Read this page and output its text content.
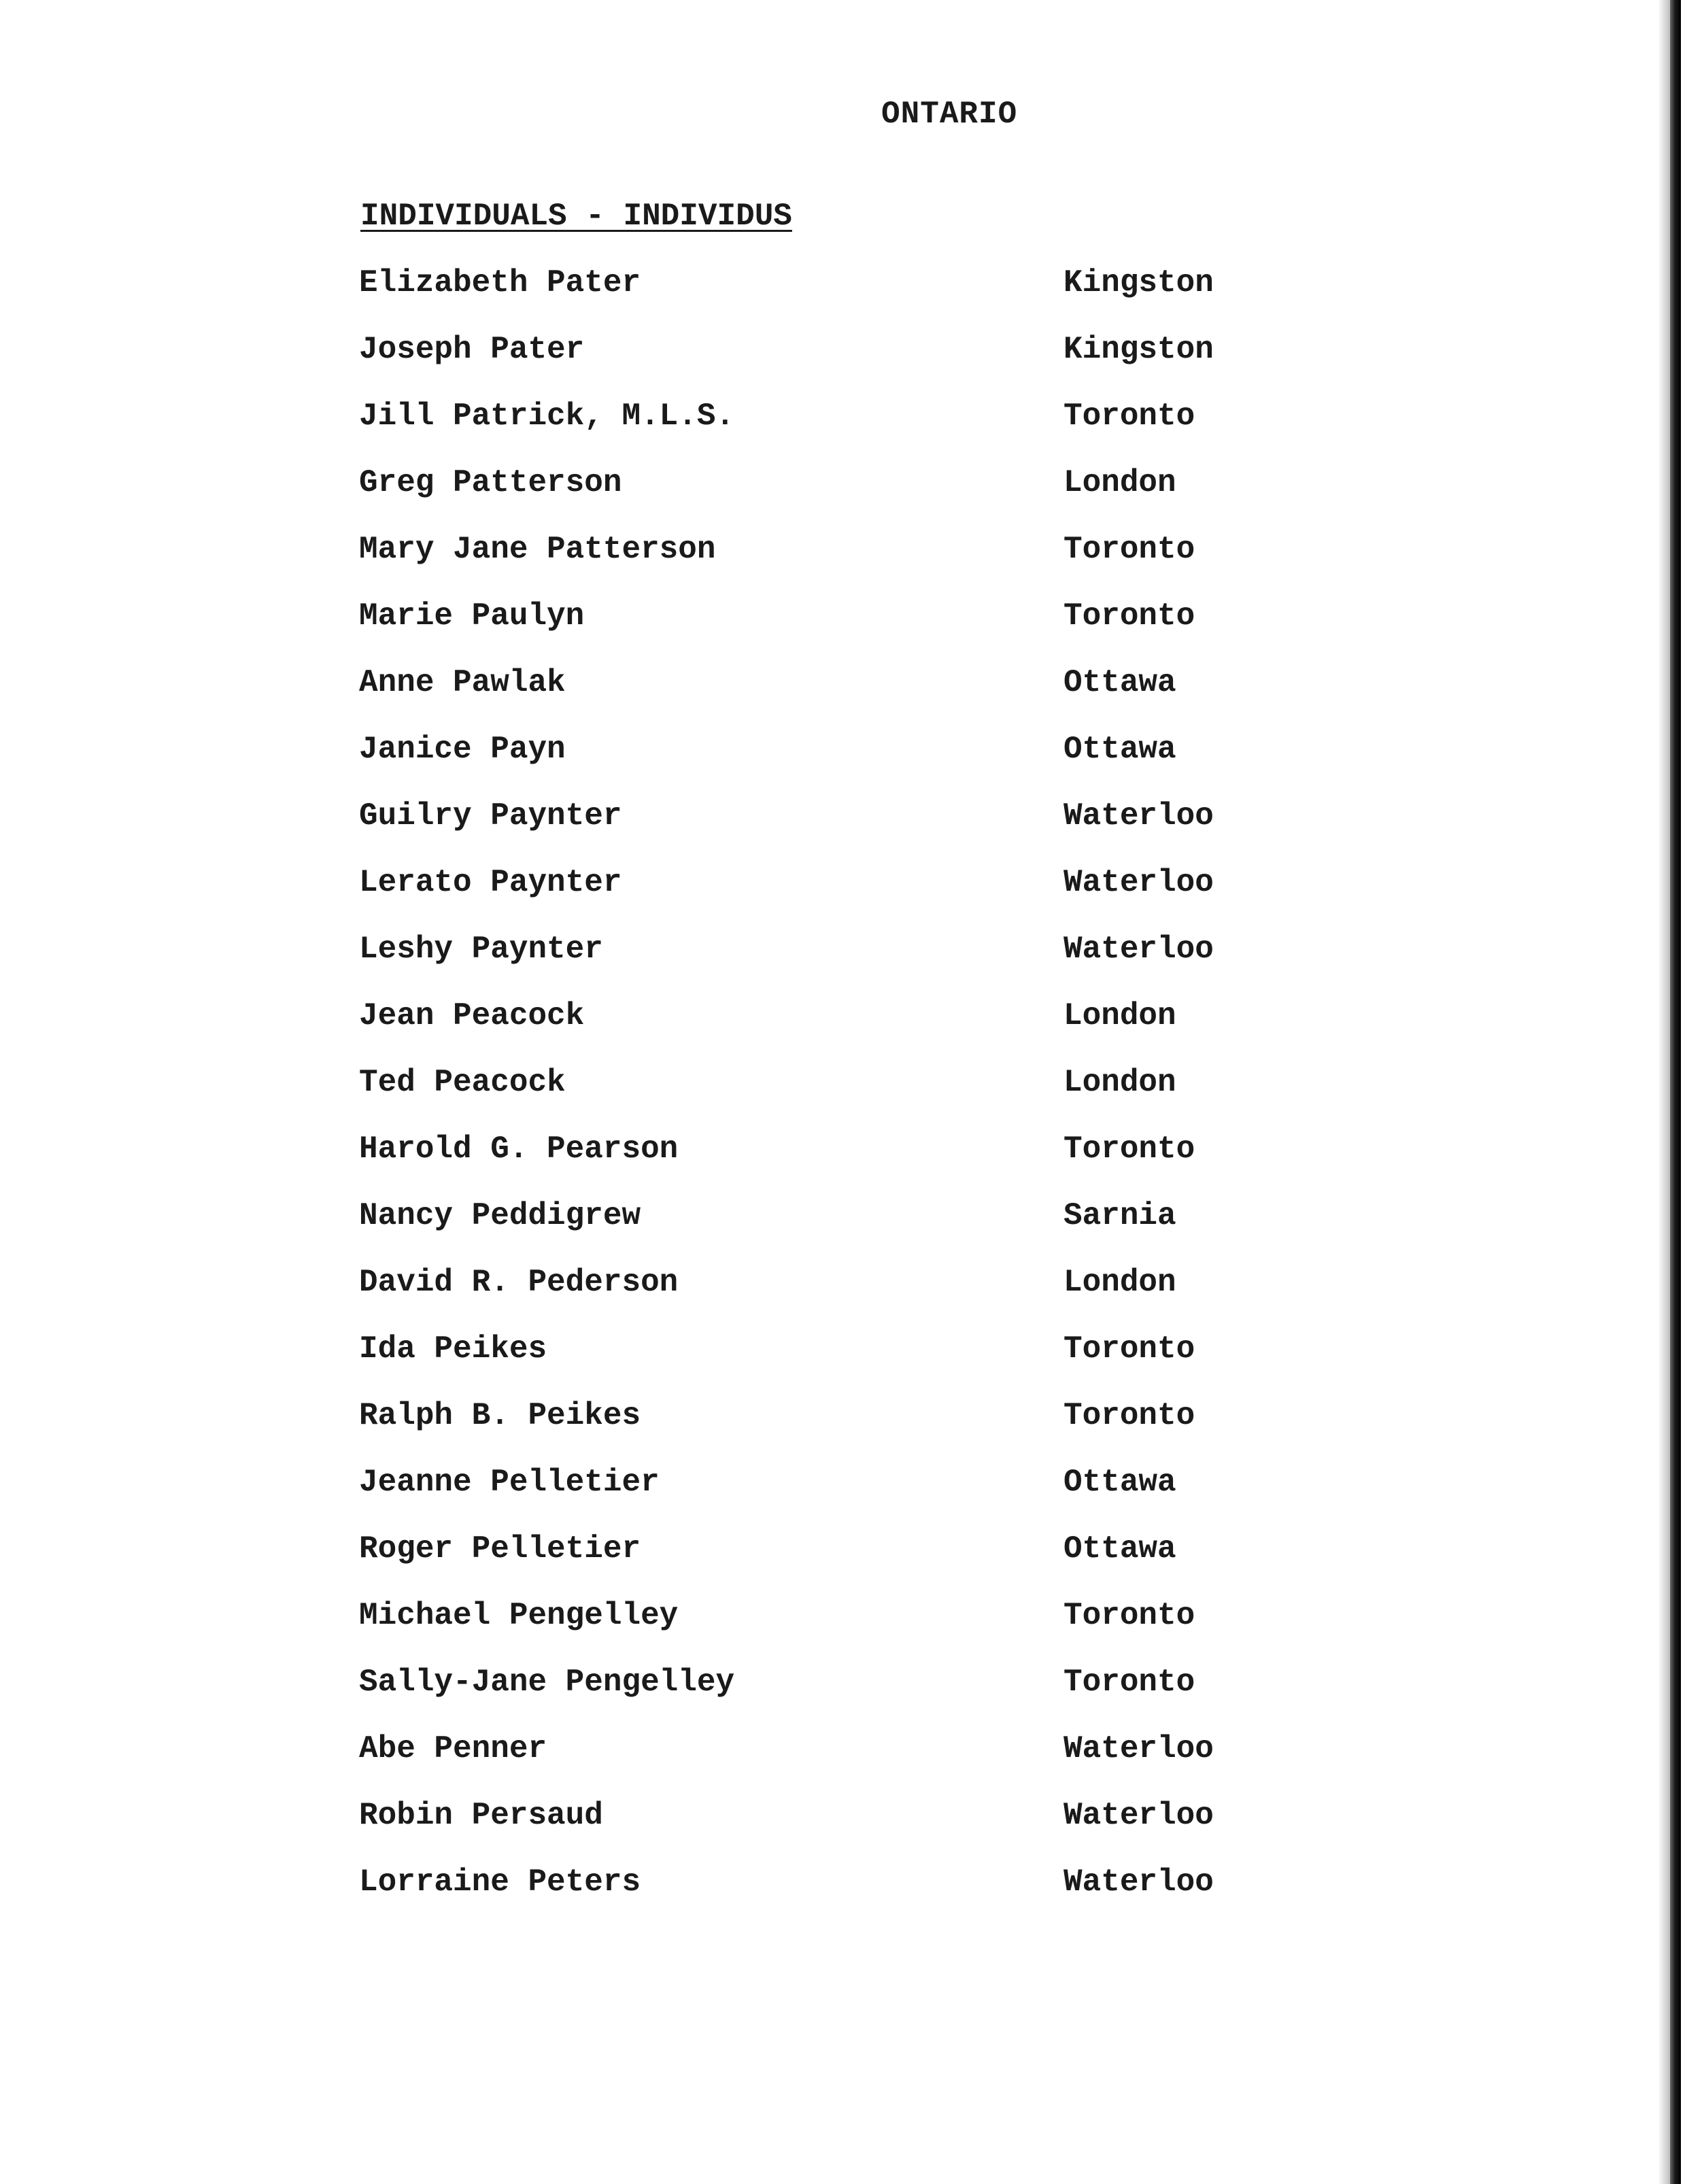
ONTARIO
INDIVIDUALS - INDIVIDUS
Elizabeth Pater	Kingston
Joseph Pater	Kingston
Jill Patrick, M.L.S.	Toronto
Greg Patterson	London
Mary Jane Patterson	Toronto
Marie Paulyn	Toronto
Anne Pawlak	Ottawa
Janice Payn	Ottawa
Guilry Paynter	Waterloo
Lerato Paynter	Waterloo
Leshy Paynter	Waterloo
Jean Peacock	London
Ted Peacock	London
Harold G. Pearson	Toronto
Nancy Peddigrew	Sarnia
David R. Pederson	London
Ida Peikes	Toronto
Ralph B. Peikes	Toronto
Jeanne Pelletier	Ottawa
Roger Pelletier	Ottawa
Michael Pengelley	Toronto
Sally-Jane Pengelley	Toronto
Abe Penner	Waterloo
Robin Persaud	Waterloo
Lorraine Peters	Waterloo
